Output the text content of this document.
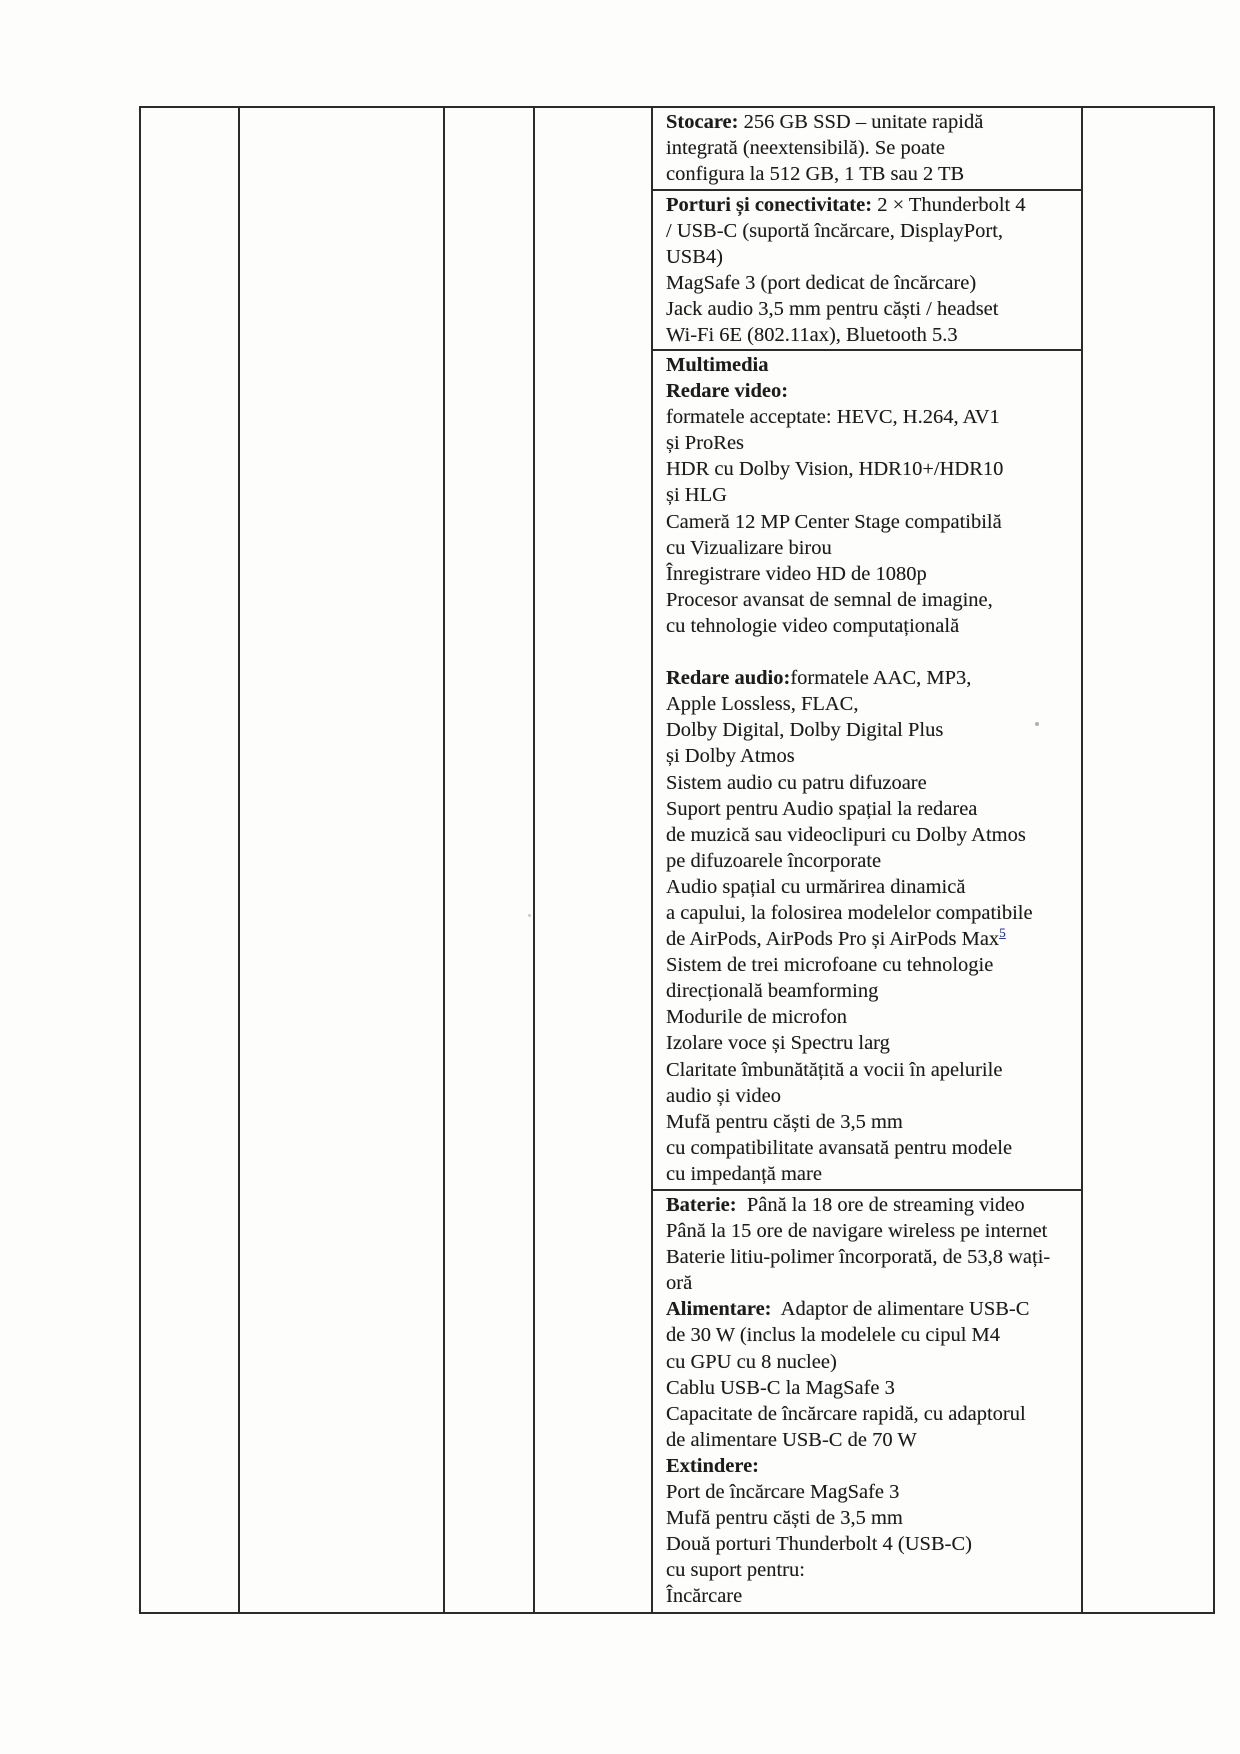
Stocare: 256 GB SSD – unitate rapidă
integrată (neextensibilă). Se poate
configura la 512 GB, 1 TB sau 2 TB
Porturi și conectivitate: 2 × Thunderbolt 4
/ USB-C (suportă încărcare, DisplayPort,
USB4)
MagSafe 3 (port dedicat de încărcare)
Jack audio 3,5 mm pentru căști / headset
Wi-Fi 6E (802.11ax), Bluetooth 5.3
Multimedia
Redare video:
formatele acceptate: HEVC, H.264, AV1
și ProRes
HDR cu Dolby Vision, HDR10+/HDR10
și HLG
Cameră 12 MP Center Stage compatibilă
cu Vizualizare birou
Înregistrare video HD de 1080p
Procesor avansat de semnal de imagine,
cu tehnologie video computațională

Redare audio:formatele AAC, MP3,
Apple Lossless, FLAC,
Dolby Digital, Dolby Digital Plus
și Dolby Atmos
Sistem audio cu patru difuzoare
Suport pentru Audio spațial la redarea
de muzică sau videoclipuri cu Dolby Atmos
pe difuzoarele încorporate
Audio spațial cu urmărirea dinamică
a capului, la folosirea modelelor compatibile
de AirPods, AirPods Pro și AirPods Max$^5$
Sistem de trei microfoane cu tehnologie
direcțională beamforming
Modurile de microfon
Izolare voce și Spectru larg
Claritate îmbunătățită a vocii în apelurile
audio și video
Mufă pentru căști de 3,5 mm
cu compatibilitate avansată pentru modele
cu impedanță mare
Baterie:  Până la 18 ore de streaming video
Până la 15 ore de navigare wireless pe internet
Baterie litiu-polimer încorporată, de 53,8 wați-
oră
Alimentare:  Adaptor de alimentare USB-C
de 30 W (inclus la modelele cu cipul M4
cu GPU cu 8 nuclee)
Cablu USB-C la MagSafe 3
Capacitate de încărcare rapidă, cu adaptorul
de alimentare USB-C de 70 W
Extindere:
Port de încărcare MagSafe 3
Mufă pentru căști de 3,5 mm
Două porturi Thunderbolt 4 (USB-C)
cu suport pentru:
Încărcare
